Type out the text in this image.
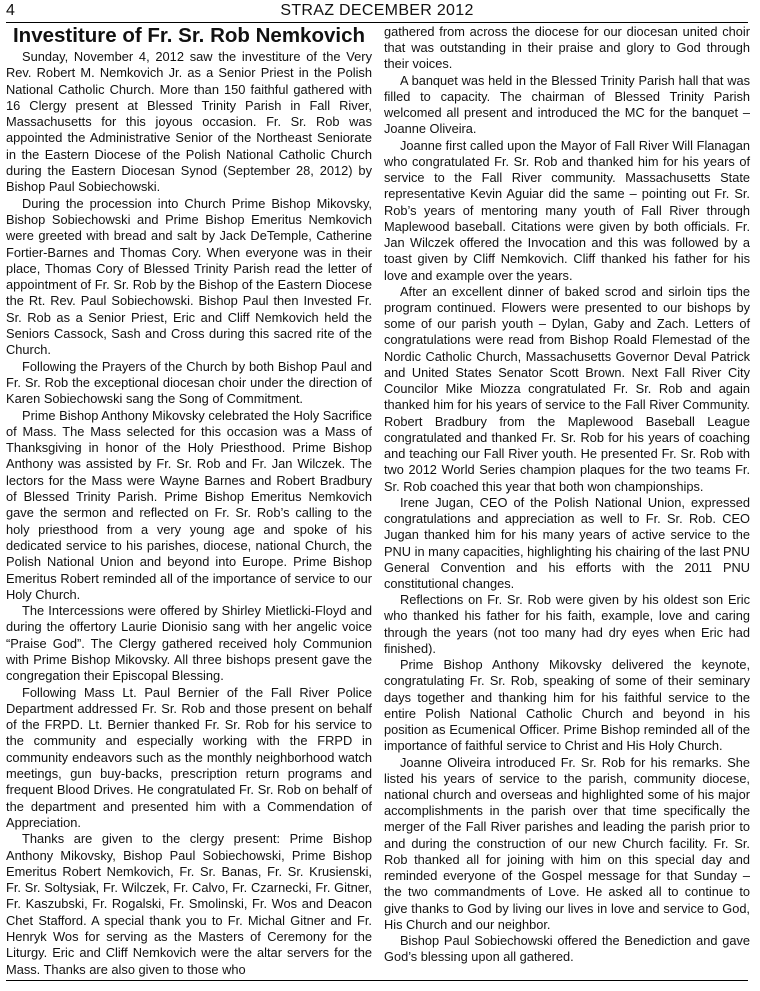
4	STRAZ DECEMBER 2012
Investiture of Fr. Sr. Rob Nemkovich

Sunday, November 4, 2012 saw the investiture of the Very Rev. Robert M. Nemkovich Jr. as a Senior Priest in the Polish National Catholic Church. More than 150 faithful gathered with 16 Clergy present at Blessed Trinity Parish in Fall River, Massachusetts for this joyous occasion. Fr. Sr. Rob was appointed the Administrative Senior of the Northeast Seniorate in the Eastern Diocese of the Polish National Catholic Church during the Eastern Diocesan Synod (September 28, 2012) by Bishop Paul Sobiechowski.

During the procession into Church Prime Bishop Mikovsky, Bishop Sobiechowski and Prime Bishop Emeritus Nemkovich were greeted with bread and salt by Jack DeTemple, Catherine Fortier-Barnes and Thomas Cory. When everyone was in their place, Thomas Cory of Blessed Trinity Parish read the letter of appointment of Fr. Sr. Rob by the Bishop of the Eastern Diocese the Rt. Rev. Paul Sobiechowski. Bishop Paul then Invested Fr. Sr. Rob as a Senior Priest, Eric and Cliff Nemkovich held the Seniors Cassock, Sash and Cross during this sacred rite of the Church.

Following the Prayers of the Church by both Bishop Paul and Fr. Sr. Rob the exceptional diocesan choir under the direction of Karen Sobiechowski sang the Song of Commitment.

Prime Bishop Anthony Mikovsky celebrated the Holy Sacrifice of Mass. The Mass selected for this occasion was a Mass of Thanksgiving in honor of the Holy Priesthood. Prime Bishop Anthony was assisted by Fr. Sr. Rob and Fr. Jan Wilczek. The lectors for the Mass were Wayne Barnes and Robert Bradbury of Blessed Trinity Parish. Prime Bishop Emeritus Nemkovich gave the sermon and reflected on Fr. Sr. Rob’s calling to the holy priesthood from a very young age and spoke of his dedicated service to his parishes, diocese, national Church, the Polish National Union and beyond into Europe. Prime Bishop Emeritus Robert reminded all of the importance of service to our Holy Church.

The Intercessions were offered by Shirley Mietlicki-Floyd and during the offertory Laurie Dionisio sang with her angelic voice “Praise God”. The Clergy gathered received holy Communion with Prime Bishop Mikovsky. All three bishops present gave the congregation their Episcopal Blessing.

Following Mass Lt. Paul Bernier of the Fall River Police Department addressed Fr. Sr. Rob and those present on behalf of the FRPD. Lt. Bernier thanked Fr. Sr. Rob for his service to the community and especially working with the FRPD in community endeavors such as the monthly neighborhood watch meetings, gun buy-backs, prescription return programs and frequent Blood Drives. He congratulated Fr. Sr. Rob on behalf of the department and presented him with a Commendation of Appreciation.

Thanks are given to the clergy present: Prime Bishop Anthony Mikovsky, Bishop Paul Sobiechowski, Prime Bishop Emeritus Robert Nemkovich, Fr. Sr. Banas, Fr. Sr. Krusienski, Fr. Sr. Soltysiak, Fr. Wilczek, Fr. Calvo, Fr. Czarnecki, Fr. Gitner, Fr. Kaszubski, Fr. Rogalski, Fr. Smolinski, Fr. Wos and Deacon Chet Stafford. A special thank you to Fr. Michal Gitner and Fr. Henryk Wos for serving as the Masters of Ceremony for the Liturgy. Eric and Cliff Nemkovich were the altar servers for the Mass. Thanks are also given to those who

gathered from across the diocese for our diocesan united choir that was outstanding in their praise and glory to God through their voices.

A banquet was held in the Blessed Trinity Parish hall that was filled to capacity. The chairman of Blessed Trinity Parish welcomed all present and introduced the MC for the banquet – Joanne Oliveira.

Joanne first called upon the Mayor of Fall River Will Flanagan who congratulated Fr. Sr. Rob and thanked him for his years of service to the Fall River community. Massachusetts State representative Kevin Aguiar did the same – pointing out Fr. Sr. Rob’s years of mentoring many youth of Fall River through Maplewood baseball. Citations were given by both officials. Fr. Jan Wilczek offered the Invocation and this was followed by a toast given by Cliff Nemkovich. Cliff thanked his father for his love and example over the years.

After an excellent dinner of baked scrod and sirloin tips the program continued. Flowers were presented to our bishops by some of our parish youth – Dylan, Gaby and Zach. Letters of congratulations were read from Bishop Roald Flemestad of the Nordic Catholic Church, Massachusetts Governor Deval Patrick and United States Senator Scott Brown. Next Fall River City Councilor Mike Miozza congratulated Fr. Sr. Rob and again thanked him for his years of service to the Fall River Community. Robert Bradbury from the Maplewood Baseball League congratulated and thanked Fr. Sr. Rob for his years of coaching and teaching our Fall River youth. He presented Fr. Sr. Rob with two 2012 World Series champion plaques for the two teams Fr. Sr. Rob coached this year that both won championships.

Irene Jugan, CEO of the Polish National Union, expressed congratulations and appreciation as well to Fr. Sr. Rob. CEO Jugan thanked him for his many years of active service to the PNU in many capacities, highlighting his chairing of the last PNU General Convention and his efforts with the 2011 PNU constitutional changes.

Reflections on Fr. Sr. Rob were given by his oldest son Eric who thanked his father for his faith, example, love and caring through the years (not too many had dry eyes when Eric had finished).

Prime Bishop Anthony Mikovsky delivered the keynote, congratulating Fr. Sr. Rob, speaking of some of their seminary days together and thanking him for his faithful service to the entire Polish National Catholic Church and beyond in his position as Ecumenical Officer. Prime Bishop reminded all of the importance of faithful service to Christ and His Holy Church.

Joanne Oliveira introduced Fr. Sr. Rob for his remarks. She listed his years of service to the parish, community diocese, national church and overseas and highlighted some of his major accomplishments in the parish over that time specifically the merger of the Fall River parishes and leading the parish prior to and during the construction of our new Church facility. Fr. Sr. Rob thanked all for joining with him on this special day and reminded everyone of the Gospel message for that Sunday – the two commandments of Love. He asked all to continue to give thanks to God by living our lives in love and service to God, His Church and our neighbor.

Bishop Paul Sobiechowski offered the Benediction and gave God’s blessing upon all gathered.
